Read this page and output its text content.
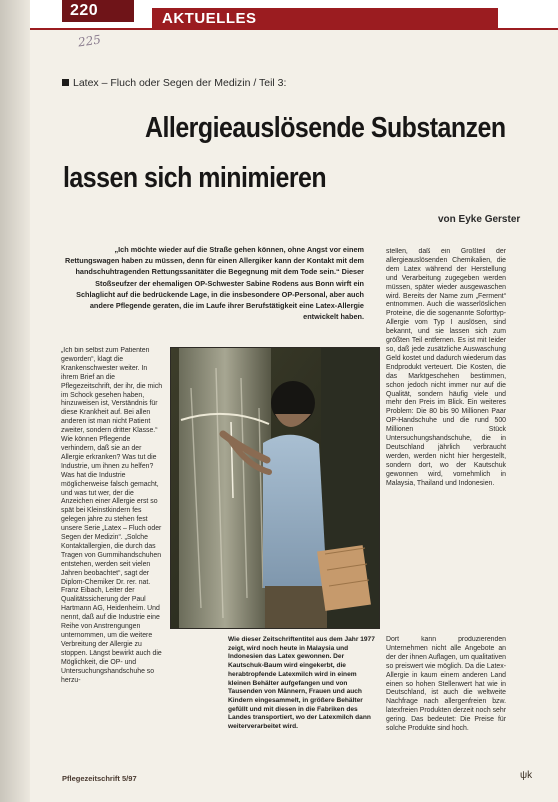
220	AKTUELLES
225
Latex – Fluch oder Segen der Medizin / Teil 3:
Allergieauslösende Substanzen
lassen sich minimieren
von Eyke Gerster
„Ich möchte wieder auf die Straße gehen können, ohne Angst vor einem Rettungswagen haben zu müssen, denn für einen Allergiker kann der Kontakt mit dem handschuhtragenden Rettungssanitäter die Begegnung mit dem Tode sein.“ Dieser Stoßseufzer der ehemaligen OP-Schwester Sabine Rodens aus Bonn wirft ein Schlaglicht auf die bedrückende Lage, in die insbesondere OP-Personal, aber auch andere Pflegende geraten, die im Laufe ihrer Berufstätigkeit eine Latex-Allergie entwickelt haben.
„Ich bin selbst zum Patienten geworden“, klagt die Krankenschwester weiter. In ihrem Brief an die Pflegezeitschrift, der ihr, die mich im Schock gesehen haben, hinzuweisen ist, Verständnis für diese Krankheit auf. Bei allen anderen ist man nicht Patient zweiter, sondern dritter Klasse.“ Wie können Pflegende verhindern, daß sie an der Allergie erkranken? Was tut die Industrie, um ihnen zu helfen? Was hat die Industrie möglicherweise falsch gemacht, und was tut wer, der die Anzeichen einer Allergie erst so spät bei Kleinstkindern fes gelegen jahre zu stehen fest unsere Serie „Latex – Fluch oder Segen der Medizin“. „Solche Kontaktallergien, die durch das Tragen von Gummihandschuhen entstehen, werden seit vielen Jahren beobachtet“, sagt der Diplom-Chemiker Dr. rer. nat. Franz Eibach, Leiter der Qualitätssicherung der Paul Hartmann AG, Heidenheim. Und nennt, daß auf die Industrie eine Reihe von Anstrengungen unternommen, um die weitere Verbreitung der Allergie zu stoppen. Längst bewirkt auch die Möglichkeit, die OP- und Untersuchungshandschuhe so herzu-
stellen, daß ein Großteil der allergieauslösenden Chemikalien, die dem Latex während der Herstellung und Verarbeitung zugegeben werden müssen, später wieder ausgewaschen wird. Bereits der Name zum „Ferment“ entnommen. Auch die wasserlöslichen Proteine, die die sogenannte Soforttyp-Allergie vom Typ I auslösen, sind bekannt, und sie lassen sich zum größten Teil entfernen. Es ist mit Ieider so, daß jede zusätzliche Auswaschung Geld kostet und dadurch wiederum das Endprodukt verteuert. Die Kosten, die das Marktgeschehen bestimmen, schon jedoch nicht immer nur auf die Qualität, sondern häufig viele und mehr den Preis im Blick. Ein weiteres Problem: Die 80 bis 90 Millionen Paar OP-Handschuhe und die rund 500 Millionen Stück Untersuchungshandschuhe, die in Deutschland jährlich verbraucht werden, werden nicht hier hergestellt, sondern dort, wo der Kautschuk gewonnen wird, vornehmlich in Malaysia, Thailand und Indonesien.
Wie dieser Zeitschriftentitel aus dem Jahr 1977 zeigt, wird noch heute in Malaysia und Indonesien das Latex gewonnen. Der Kautschuk-Baum wird eingekerbt, die herabtropfende Latexmilch wird in einem kleinen Behälter aufgefangen und von Tausenden von Männern, Frauen und auch Kindern eingesammelt, in größere Behälter gefüllt und mit diesen in die Fabriken des Landes transportiert, wo der Latexmilch dann weiterverarbeitet wird.
Dort kann produzierenden Unternehmen nicht alle Angebote an der der ihnen Auflagen, um qualitativen so preiswert wie möglich. Da die Latex-Allergie in kaum einem anderen Land einen so hohen Stellenwert hat wie in Deutschland, ist auch die weltweite Nachfrage nach allergenfreien bzw. latexfreien Produkten derzeit noch sehr gering. Das bedeutet: Die Preise für solche Produkte sind hoch.
Pflegezeitschrift 5/97	ψk
